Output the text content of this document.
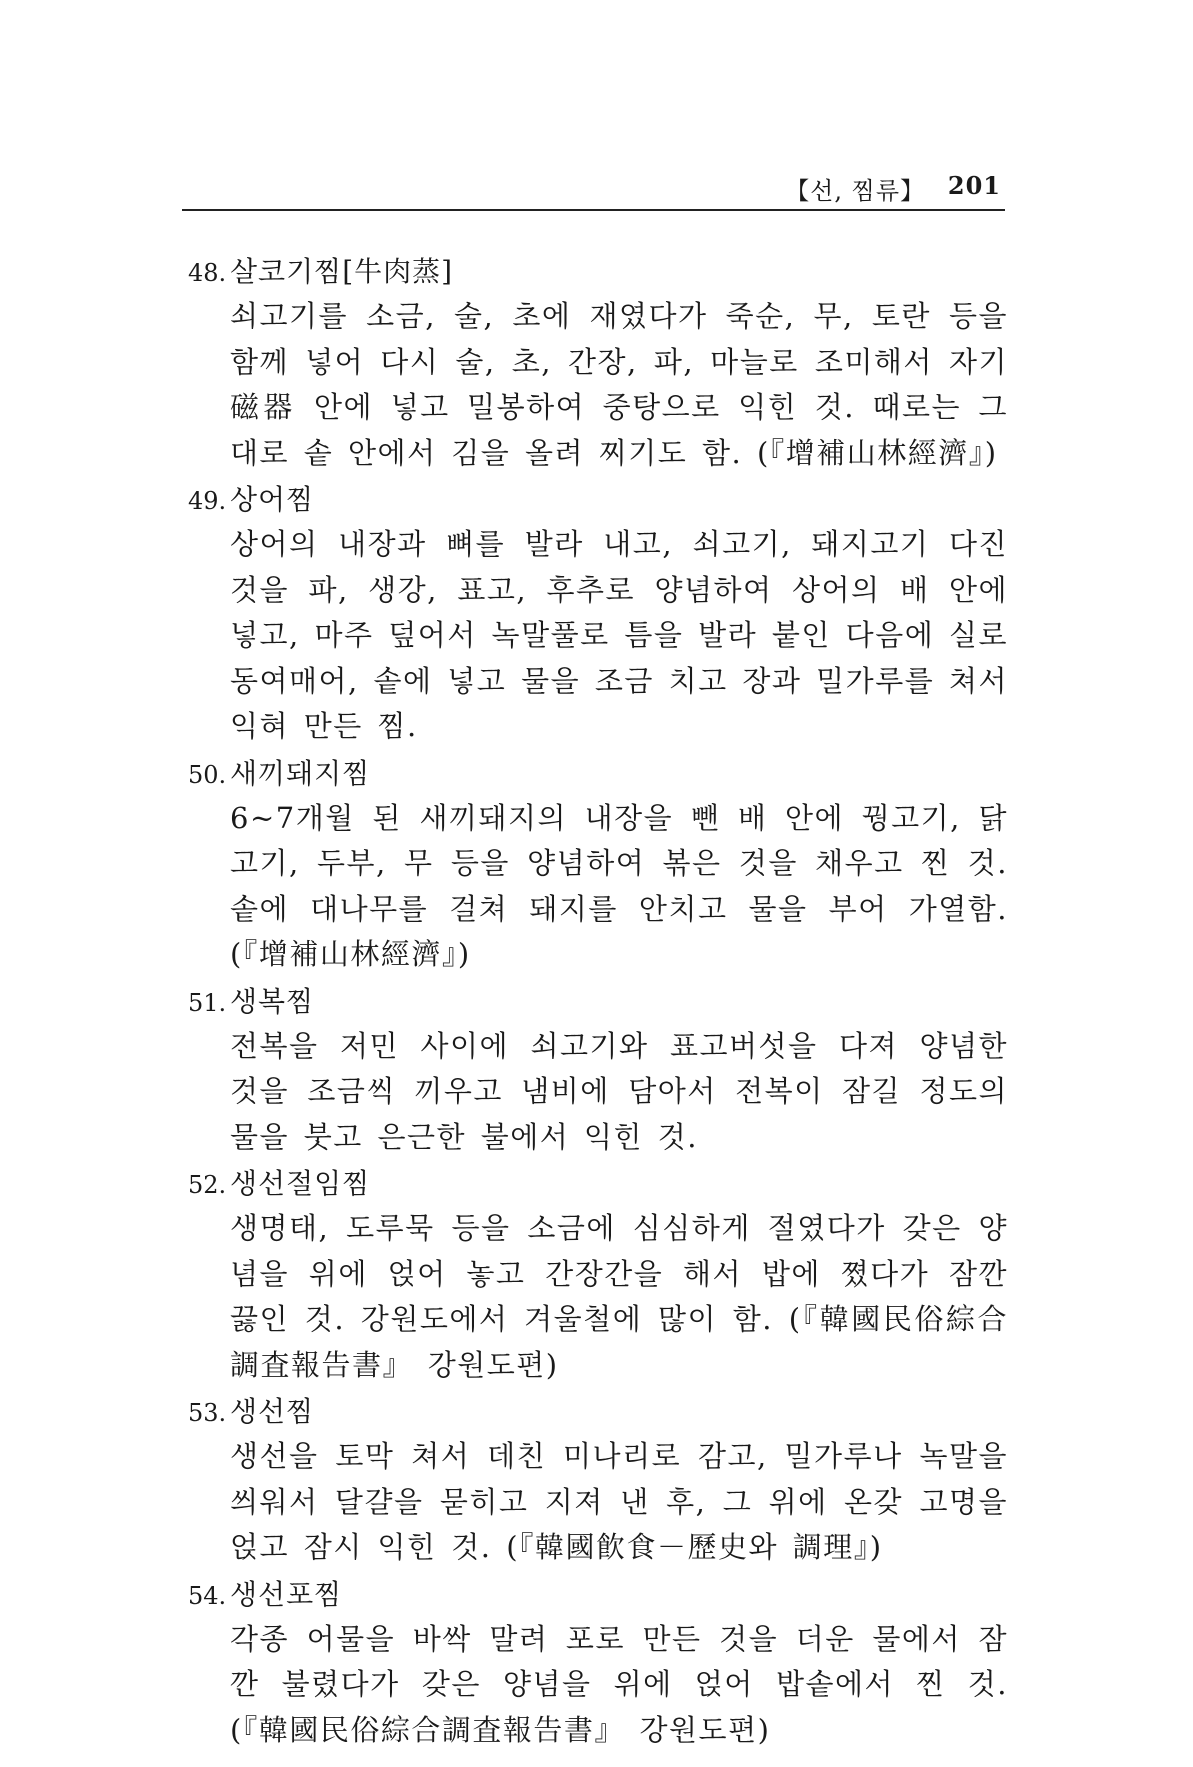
【선, 찜류】 201
48. 살코기찜[牛肉蒸]
쇠고기를 소금, 술, 초에 재였다가 죽순, 무, 토란 등을 함께 넣어 다시 술, 초, 간장, 파, 마늘로 조미해서 자기磁器 안에 넣고 밀봉하여 중탕으로 익힌 것. 때로는 그대로 솥 안에서 김을 올려 찌기도 함. (『增補山林經濟』)
49. 상어찜
상어의 내장과 뼈를 발라 내고, 쇠고기, 돼지고기 다진 것을 파, 생강, 표고, 후추로 양념하여 상어의 배 안에 넣고, 마주 덮어서 녹말풀로 틈을 발라 붙인 다음에 실로 동여매어, 솥에 넣고 물을 조금 치고 장과 밀가루를 쳐서 익혀 만든 찜.
50. 새끼돼지찜
6~7개월 된 새끼돼지의 내장을 뺀 배 안에 꿩고기, 닭고기, 두부, 무 등을 양념하여 볶은 것을 채우고 찐 것. 솥에 대나무를 걸쳐 돼지를 안치고 물을 부어 가열함. (『增補山林經濟』)
51. 생복찜
전복을 저민 사이에 쇠고기와 표고버섯을 다져 양념한 것을 조금씩 끼우고 냄비에 담아서 전복이 잠길 정도의 물을 붓고 은근한 불에서 익힌 것.
52. 생선절임찜
생명태, 도루묵 등을 소금에 심심하게 절였다가 갖은 양념을 위에 얹어 놓고 간장간을 해서 밥에 쪘다가 잠깐 끓인 것. 강원도에서 겨울철에 많이 함. (『韓國民俗綜合調査報告書』 강원도편)
53. 생선찜
생선을 토막 쳐서 데친 미나리로 감고, 밀가루나 녹말을 씌워서 달걀을 묻히고 지져 낸 후, 그 위에 온갖 고명을 얹고 잠시 익힌 것. (『韓國飮食－歷史와 調理』)
54. 생선포찜
각종 어물을 바싹 말려 포로 만든 것을 더운 물에서 잠깐 불렸다가 갖은 양념을 위에 얹어 밥솥에서 찐 것. (『韓國民俗綜合調査報告書』 강원도편)
